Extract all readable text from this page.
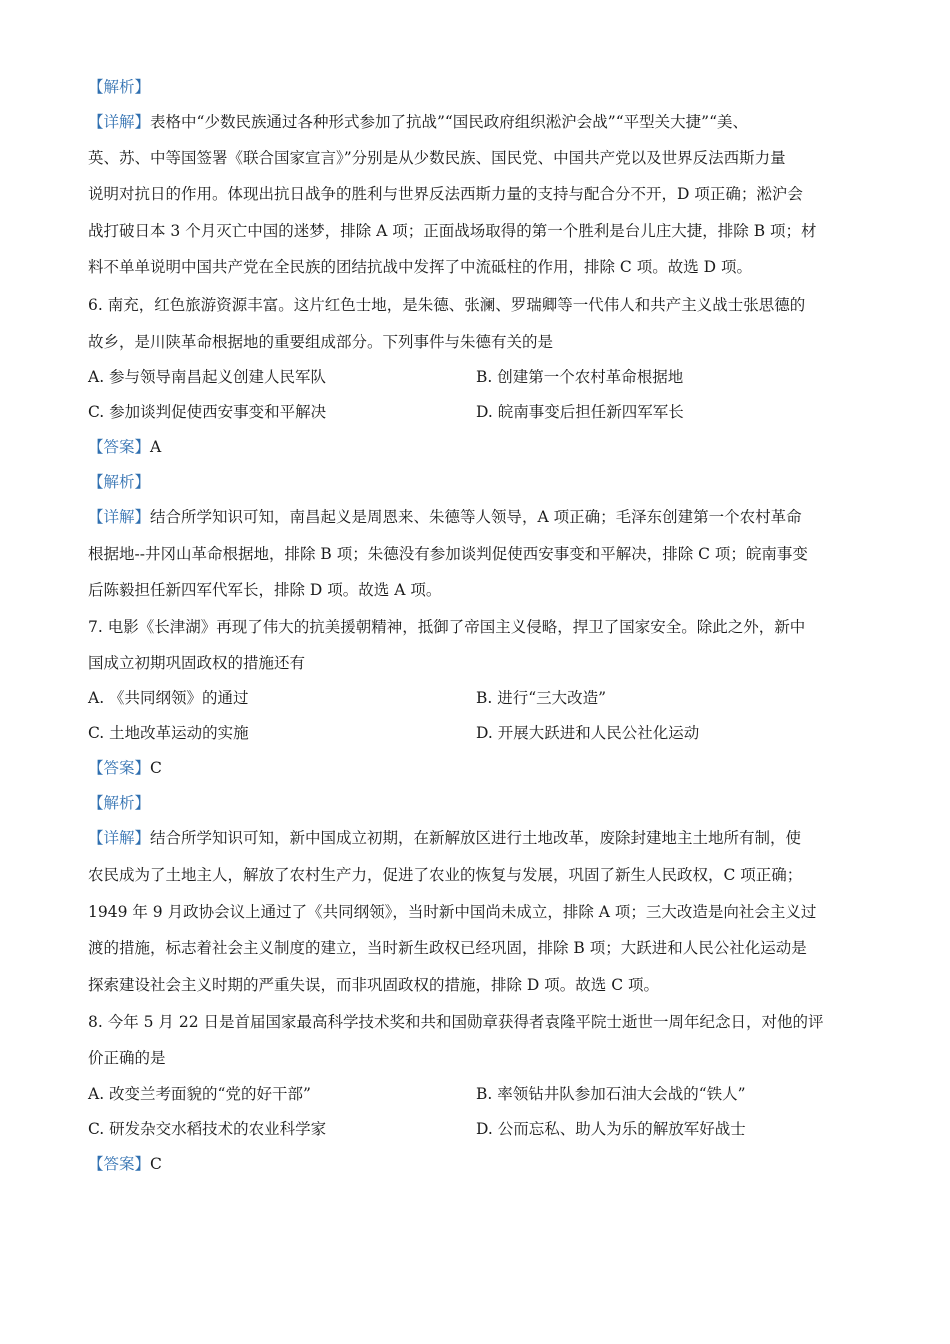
【解析】
【详解】表格中“少数民族通过各种形式参加了抗战”“国民政府组织淞沪会战”“平型关大捷”“美、
英、苏、中等国签署《联合国家宣言》”分别是从少数民族、国民党、中国共产党以及世界反法西斯力量
说明对抗日的作用。体现出抗日战争的胜利与世界反法西斯力量的支持与配合分不开，D 项正确；淞沪会
战打破日本 3 个月灭亡中国的迷梦，排除 A 项；正面战场取得的第一个胜利是台儿庄大捷，排除 B 项；材
料不单单说明中国共产党在全民族的团结抗战中发挥了中流砥柱的作用，排除 C 项。故选 D 项。
6. 南充，红色旅游资源丰富。这片红色士地，是朱德、张澜、罗瑞卿等一代伟人和共产主义战士张思德的
故乡，是川陕革命根据地的重要组成部分。下列事件与朱德有关的是
A. 参与领导南昌起义创建人民军队	B. 创建第一个农村革命根据地
C. 参加谈判促使西安事变和平解决	D. 皖南事变后担任新四军军长
【答案】A
【解析】
【详解】结合所学知识可知，南昌起义是周恩来、朱德等人领导，A 项正确；毛泽东创建第一个农村革命
根据地--井冈山革命根据地，排除 B 项；朱德没有参加谈判促使西安事变和平解决，排除 C 项；皖南事变
后陈毅担任新四军代军长，排除 D 项。故选 A 项。
7. 电影《长津湖》再现了伟大的抗美援朝精神，抵御了帝国主义侵略，捍卫了国家安全。除此之外，新中
国成立初期巩固政权的措施还有
A. 《共同纲领》的通过	B. 进行“三大改造”
C. 土地改革运动的实施	D. 开展大跃进和人民公社化运动
【答案】C
【解析】
【详解】结合所学知识可知，新中国成立初期，在新解放区进行土地改革，废除封建地主土地所有制，使
农民成为了土地主人，解放了农村生产力，促进了农业的恢复与发展，巩固了新生人民政权，C 项正确；
1949 年 9 月政协会议上通过了《共同纲领》，当时新中国尚未成立，排除 A 项；三大改造是向社会主义过
渡的措施，标志着社会主义制度的建立，当时新生政权已经巩固，排除 B 项；大跃进和人民公社化运动是
探索建设社会主义时期的严重失误，而非巩固政权的措施，排除 D 项。故选 C 项。
8. 今年 5 月 22 日是首届国家最高科学技术奖和共和国勋章获得者袁隆平院士逝世一周年纪念日，对他的评
价正确的是
A. 改变兰考面貌的“党的好干部”	B. 率领钻井队参加石油大会战的“铁人”
C. 研发杂交水稻技术的农业科学家	D. 公而忘私、助人为乐的解放军好战士
【答案】C
